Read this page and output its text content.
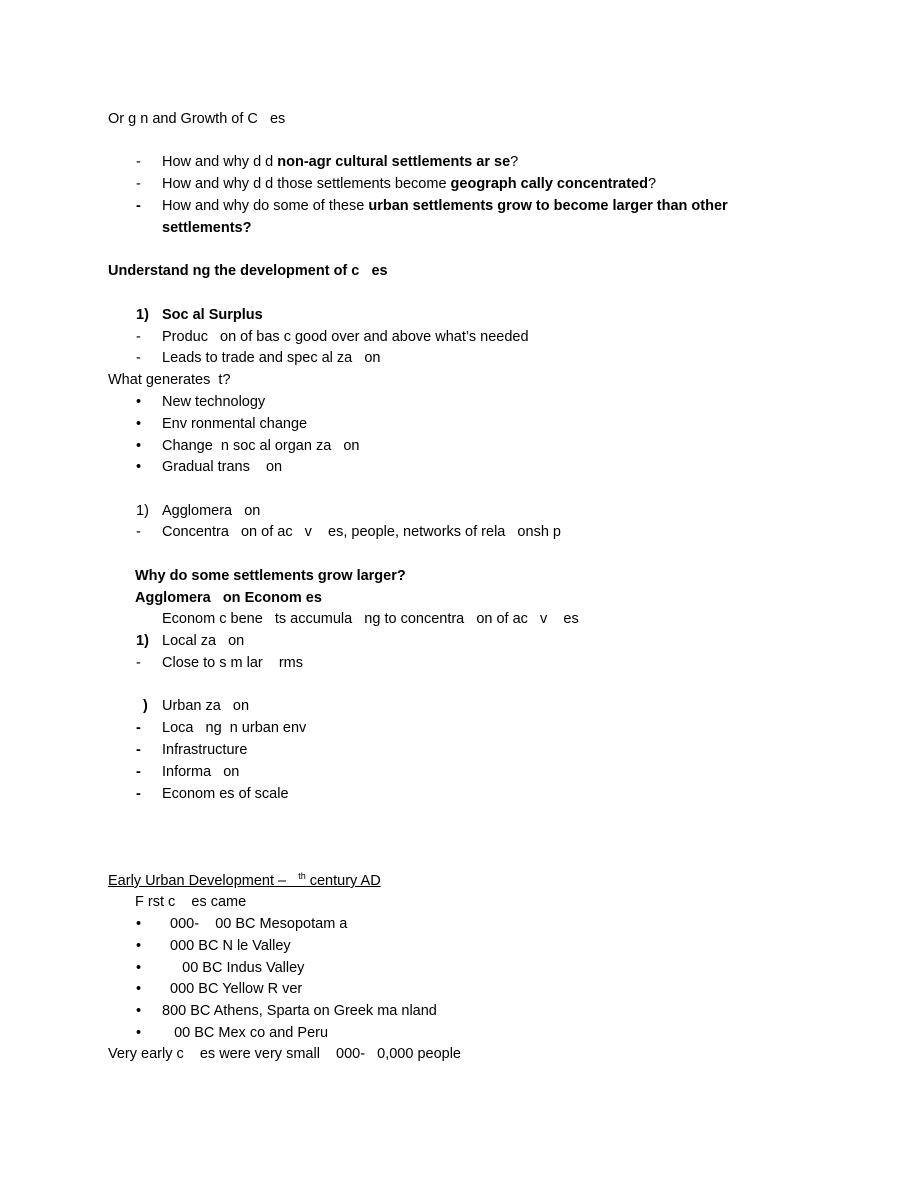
Or g n and Growth of C   es
- How and why d d non-agr cultural settlements ar se?
- How and why d d those settlements become geograph cally concentrated?
- How and why do some of these urban settlements grow to become larger than other
settlements?
Understand ng the development of c   es
1) Soc al Surplus
- Produc   on of bas c good over and above what’s needed
- Leads to trade and spec al za   on
What generates  t?
• New technology
• Env ronmental change
• Change  n soc al organ za   on
• Gradual trans    on
1) Agglomera   on
- Concentra   on of ac   v    es, people, networks of rela   onsh p
Why do some settlements grow larger?
Agglomera   on Econom es
Econom c bene   ts accumula   ng to concentra   on of ac   v    es
1) Local za   on
- Close to s m lar    rms
) Urban za   on
- Loca   ng  n urban env
- Infrastructure
- Informa   on
- Econom es of scale
Early Urban Development –   $^{th}$ century AD
F rst c    es came
• 000-    00 BC Mesopotam a
• 000 BC N le Valley
• 00 BC Indus Valley
• 000 BC Yellow R ver
• 800 BC Athens, Sparta on Greek ma nland
• 00 BC Mex co and Peru
Very early c    es were very small    000-   0,000 people
